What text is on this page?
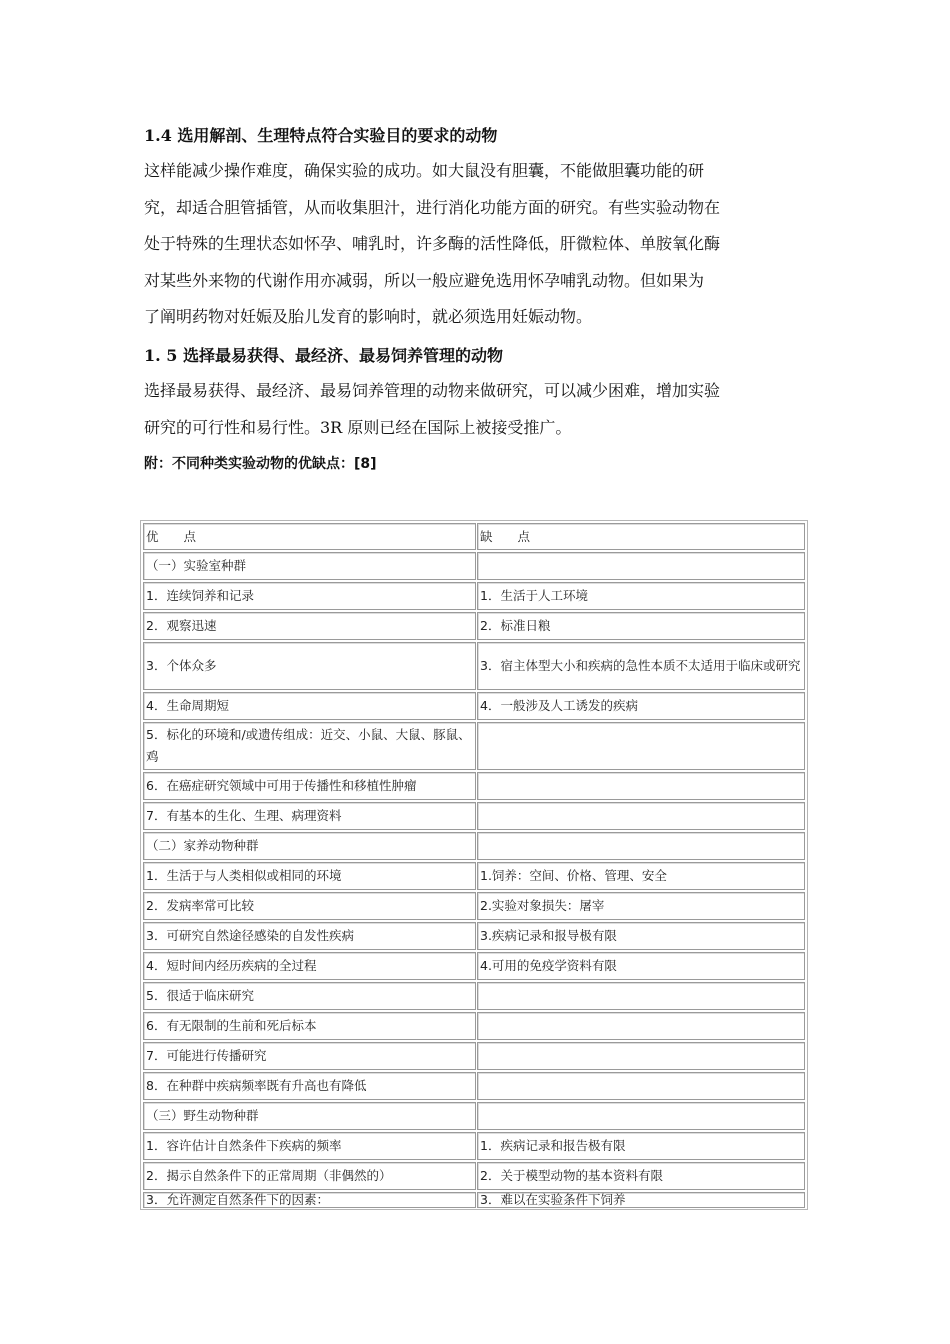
1.4 选用解剖、生理特点符合实验目的要求的动物
这样能减少操作难度，确保实验的成功。如大鼠没有胆囊，不能做胆囊功能的研
究，却适合胆管插管，从而收集胆汁，进行消化功能方面的研究。有些实验动物在
处于特殊的生理状态如怀孕、哺乳时，许多酶的活性降低，肝微粒体、单胺氧化酶
对某些外来物的代谢作用亦减弱，所以一般应避免选用怀孕哺乳动物。但如果为
了阐明药物对妊娠及胎儿发育的影响时，就必须选用妊娠动物。
1. 5 选择最易获得、最经济、最易饲养管理的动物
选择最易获得、最经济、最易饲养管理的动物来做研究，可以减少困难，增加实验
研究的可行性和易行性。3R 原则已经在国际上被接受推广。
附：不同种类实验动物的优缺点：[8]
优　　点	缺　　点
（一）实验室种群
1．连续饲养和记录	1．生活于人工环境
2．观察迅速	2．标准日粮
3．个体众多	3．宿主体型大小和疾病的急性本质不太适用于临床或研究
4．生命周期短	4．一般涉及人工诱发的疾病
5．标化的环境和/或遗传组成：近交、小鼠、大鼠、豚鼠、鸡
6．在癌症研究领域中可用于传播性和移植性肿瘤
7．有基本的生化、生理、病理资料
（二）家养动物种群
1．生活于与人类相似或相同的环境	1.饲养：空间、价格、管理、安全
2．发病率常可比较	2.实验对象损失：屠宰
3．可研究自然途径感染的自发性疾病	3.疾病记录和报导极有限
4．短时间内经历疾病的全过程	4.可用的免疫学资料有限
5．很适于临床研究
6．有无限制的生前和死后标本
7．可能进行传播研究
8．在种群中疾病频率既有升高也有降低
（三）野生动物种群
1．容许估计自然条件下疾病的频率	1．疾病记录和报告极有限
2．揭示自然条件下的正常周期（非偶然的）	2．关于模型动物的基本资料有限
3．允许测定自然条件下的因素：	3．难以在实验条件下饲养
